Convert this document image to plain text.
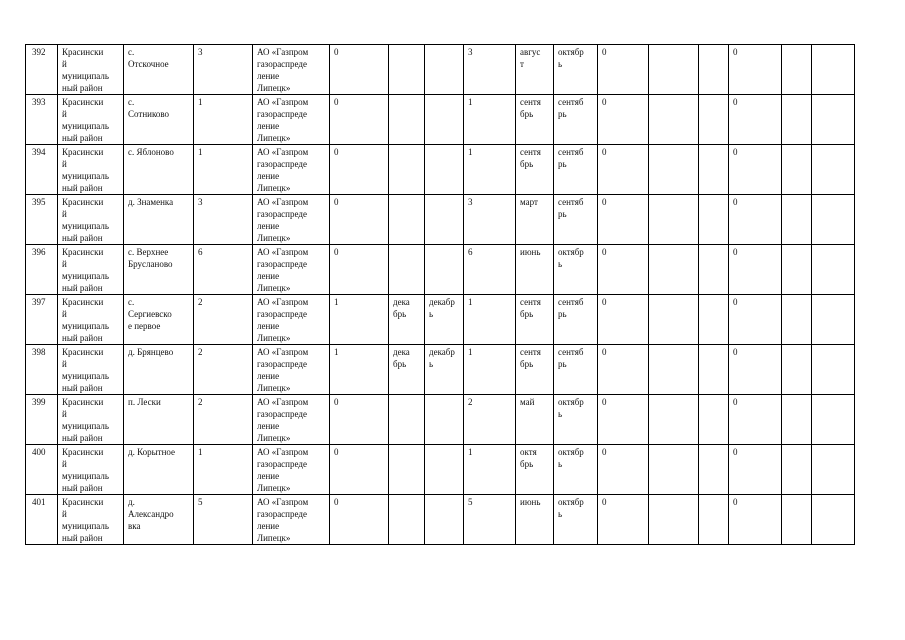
392	Красински
й
муниципаль
ный район	с.
Отскочное	3	АО «Газпром
газораспреде
ление
Липецк»	0			3	авгус
т	октябр
ь	0			0		
393	Красински
й
муниципаль
ный район	с.
Сотниково	1	АО «Газпром
газораспреде
ление
Липецк»	0			1	сентя
брь	сентяб
рь	0			0		
394	Красински
й
муниципаль
ный район	с. Яблоново	1	АО «Газпром
газораспреде
ление
Липецк»	0			1	сентя
брь	сентяб
рь	0			0		
395	Красински
й
муниципаль
ный район	д. Знаменка	3	АО «Газпром
газораспреде
ление
Липецк»	0			3	март	сентяб
рь	0			0		
396	Красински
й
муниципаль
ный район	с. Верхнее
Брусланово	6	АО «Газпром
газораспреде
ление
Липецк»	0			6	июнь	октябр
ь	0			0		
397	Красински
й
муниципаль
ный район	с.
Сергиевско
е первое	2	АО «Газпром
газораспреде
ление
Липецк»	1	дека
брь	декабр
ь	1	сентя
брь	сентяб
рь	0			0		
398	Красински
й
муниципаль
ный район	д. Брянцево	2	АО «Газпром
газораспреде
ление
Липецк»	1	дека
брь	декабр
ь	1	сентя
брь	сентяб
рь	0			0		
399	Красински
й
муниципаль
ный район	п. Лески	2	АО «Газпром
газораспреде
ление
Липецк»	0			2	май	октябр
ь	0			0		
400	Красински
й
муниципаль
ный район	д. Корытное	1	АО «Газпром
газораспреде
ление
Липецк»	0			1	октя
брь	октябр
ь	0			0		
401	Красински
й
муниципаль
ный район	д.
Александро
вка	5	АО «Газпром
газораспреде
ление
Липецк»	0			5	июнь	октябр
ь	0			0		
